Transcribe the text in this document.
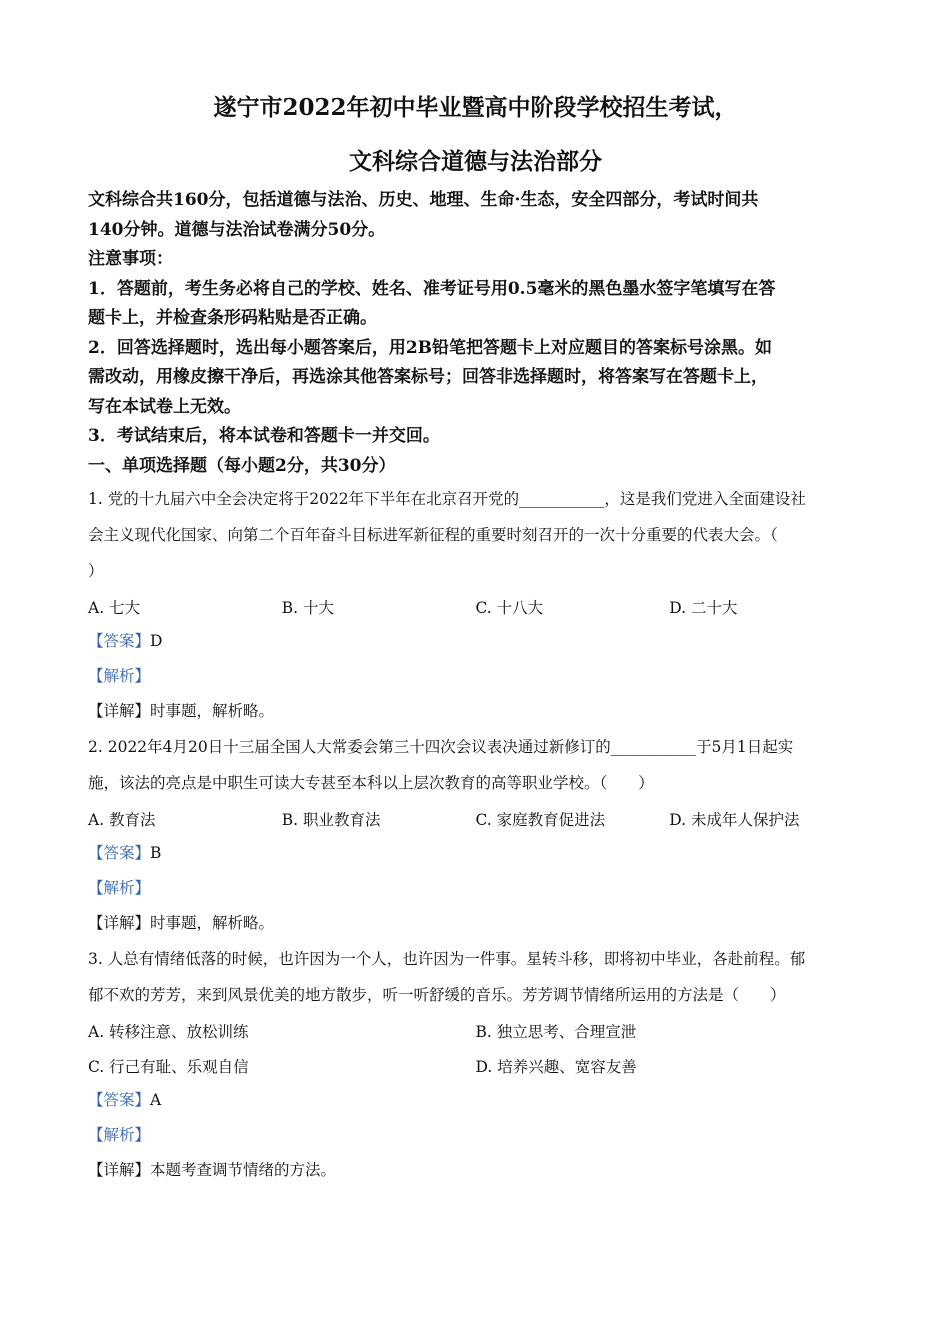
遂宁市2022年初中毕业暨高中阶段学校招生考试，

文科综合道德与法治部分

文科综合共160分，包括道德与法治、历史、地理、生命·生态，安全四部分，考试时间共

140分钟。道德与法治试卷满分50分。

注意事项：

1．答题前，考生务必将自己的学校、姓名、准考证号用0.5毫米的黑色墨水签字笔填写在答

题卡上，并检查条形码粘贴是否正确。

2．回答选择题时，选出每小题答案后，用2B铅笔把答题卡上对应题目的答案标号涂黑。如

需改动，用橡皮擦干净后，再选涂其他答案标号；回答非选择题时，将答案写在答题卡上，

写在本试卷上无效。

3．考试结束后，将本试卷和答题卡一并交回。

一、单项选择题（每小题2分，共30分）

1. 党的十九届六中全会决定将于2022年下半年在北京召开党的___________，这是我们党进入全面建设社

会主义现代化国家、向第二个百年奋斗目标进军新征程的重要时刻召开的一次十分重要的代表大会。（

）

A. 七大	B. 十大	C. 十八大	D. 二十大

【答案】D

【解析】

【详解】时事题，解析略。

2. 2022年4月20日十三届全国人大常委会第三十四次会议表决通过新修订的___________于5月1日起实

施，该法的亮点是中职生可读大专甚至本科以上层次教育的高等职业学校。（　　）

A. 教育法	B. 职业教育法	C. 家庭教育促进法	D. 未成年人保护法

【答案】B

【解析】

【详解】时事题，解析略。

3. 人总有情绪低落的时候，也许因为一个人，也许因为一件事。星转斗移，即将初中毕业，各赴前程。郁

郁不欢的芳芳，来到风景优美的地方散步，听一听舒缓的音乐。芳芳调节情绪所运用的方法是（　　）

A. 转移注意、放松训练	B. 独立思考、合理宣泄
C. 行己有耻、乐观自信	D. 培养兴趣、宽容友善

【答案】A

【解析】

【详解】本题考查调节情绪的方法。
